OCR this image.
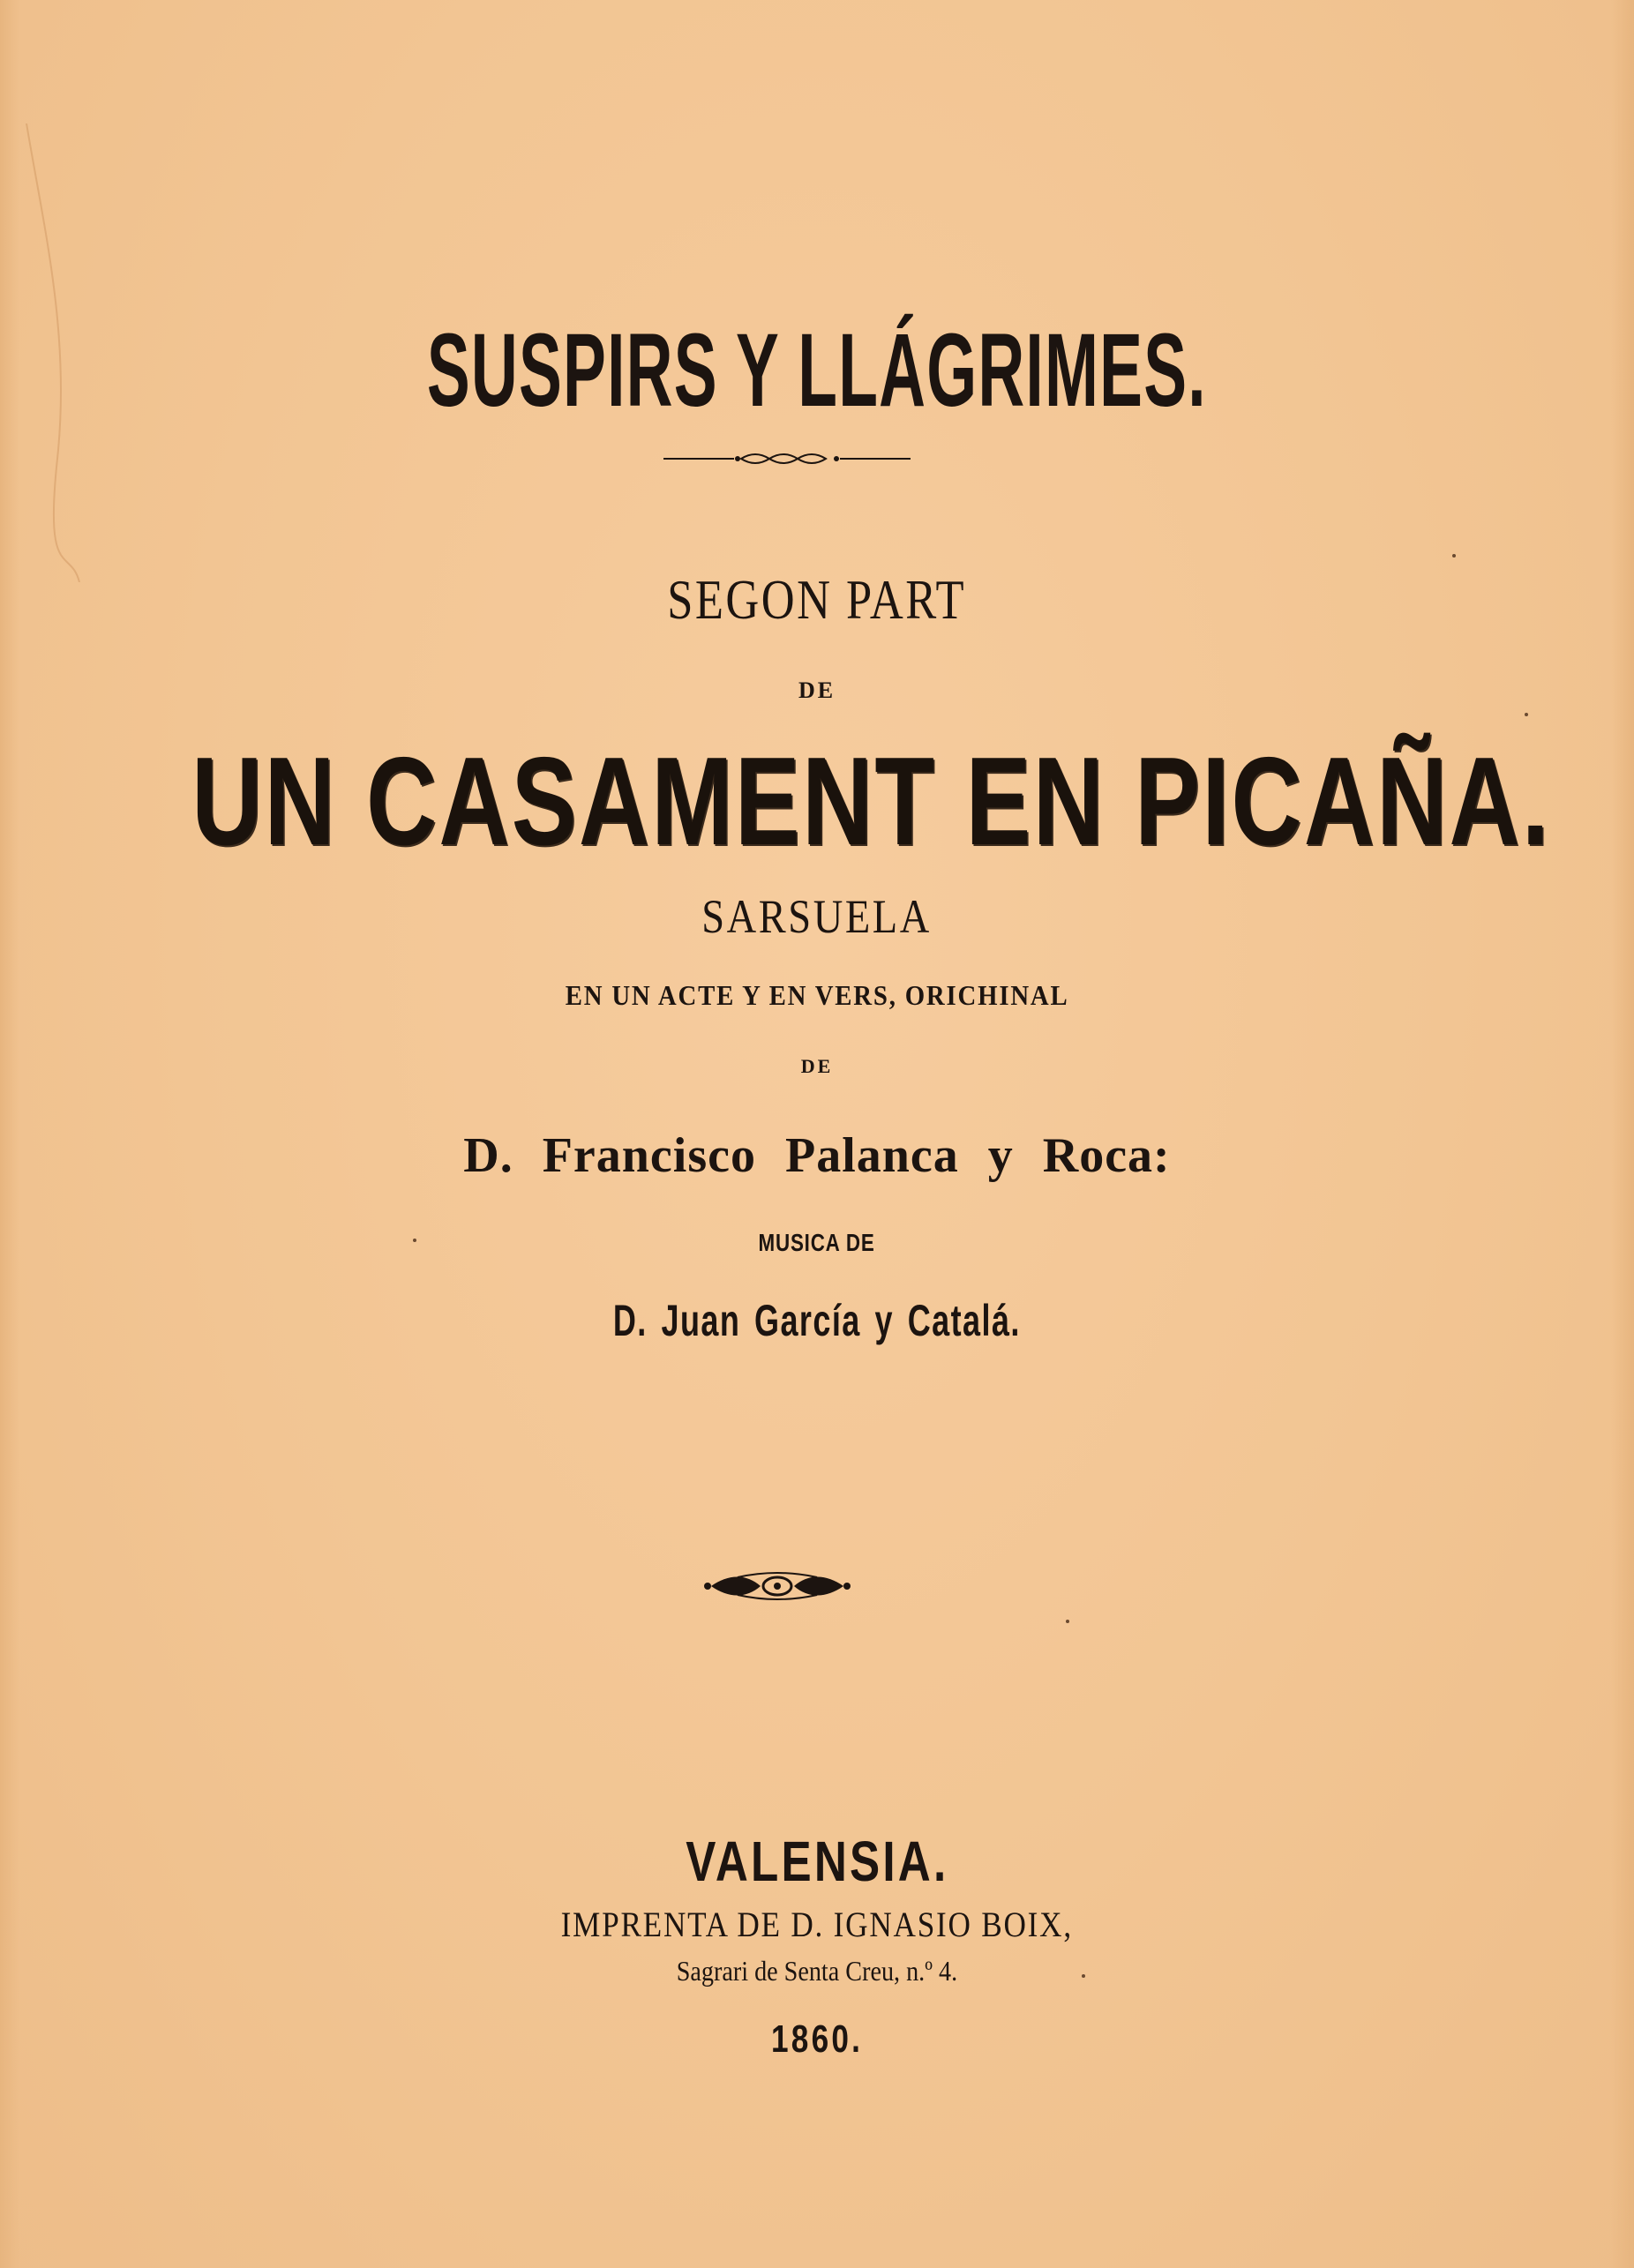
SUSPIRS Y LLÁGRIMES.
SEGON PART
DE
UN CASAMENT EN PICAÑA.
SARSUELA
EN UN ACTE Y EN VERS, ORICHINAL
DE
D. Francisco Palanca y Roca:
MUSICA DE
D. Juan García y Catalá.
VALENSIA.
IMPRENTA DE D. IGNASIO BOIX,
Sagrari de Senta Creu, n.º 4.
1860.
